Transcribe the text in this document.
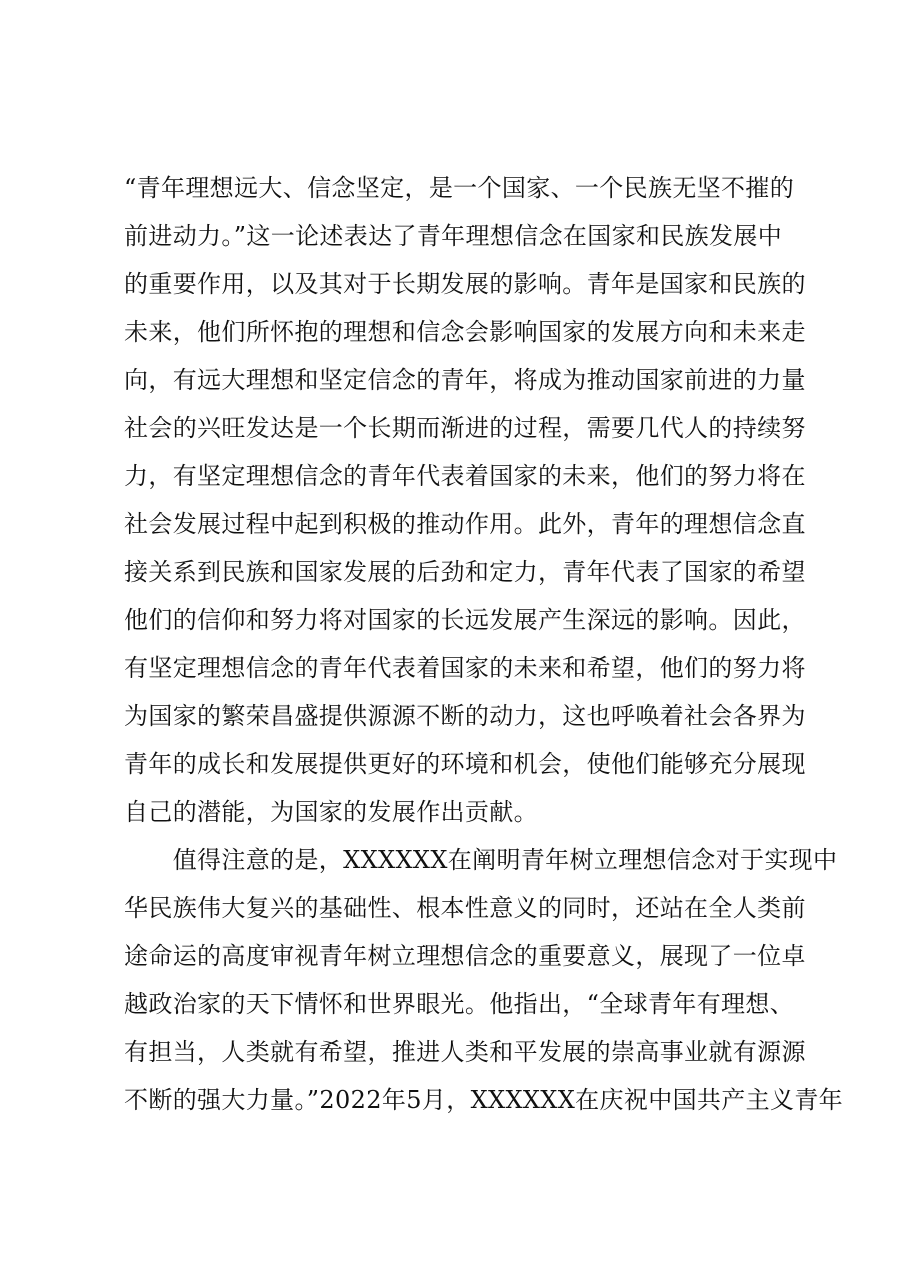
“青年理想远大、信念坚定，是一个国家、一个民族无坚不摧的
前进动力。”这一论述表达了青年理想信念在国家和民族发展中
的重要作用，以及其对于长期发展的影响。青年是国家和民族的
未来，他们所怀抱的理想和信念会影响国家的发展方向和未来走
向，有远大理想和坚定信念的青年，将成为推动国家前进的力量
社会的兴旺发达是一个长期而渐进的过程，需要几代人的持续努
力，有坚定理想信念的青年代表着国家的未来，他们的努力将在
社会发展过程中起到积极的推动作用。此外，青年的理想信念直
接关系到民族和国家发展的后劲和定力，青年代表了国家的希望
他们的信仰和努力将对国家的长远发展产生深远的影响。因此，
有坚定理想信念的青年代表着国家的未来和希望，他们的努力将
为国家的繁荣昌盛提供源源不断的动力，这也呼唤着社会各界为
青年的成长和发展提供更好的环境和机会，使他们能够充分展现
自己的潜能，为国家的发展作出贡献。
　　值得注意的是，XXXXXX在阐明青年树立理想信念对于实现中
华民族伟大复兴的基础性、根本性意义的同时，还站在全人类前
途命运的高度审视青年树立理想信念的重要意义，展现了一位卓
越政治家的天下情怀和世界眼光。他指出，“全球青年有理想、
有担当，人类就有希望，推进人类和平发展的崇高事业就有源源
不断的强大力量。”2022年5月，XXXXXX在庆祝中国共产主义青年
